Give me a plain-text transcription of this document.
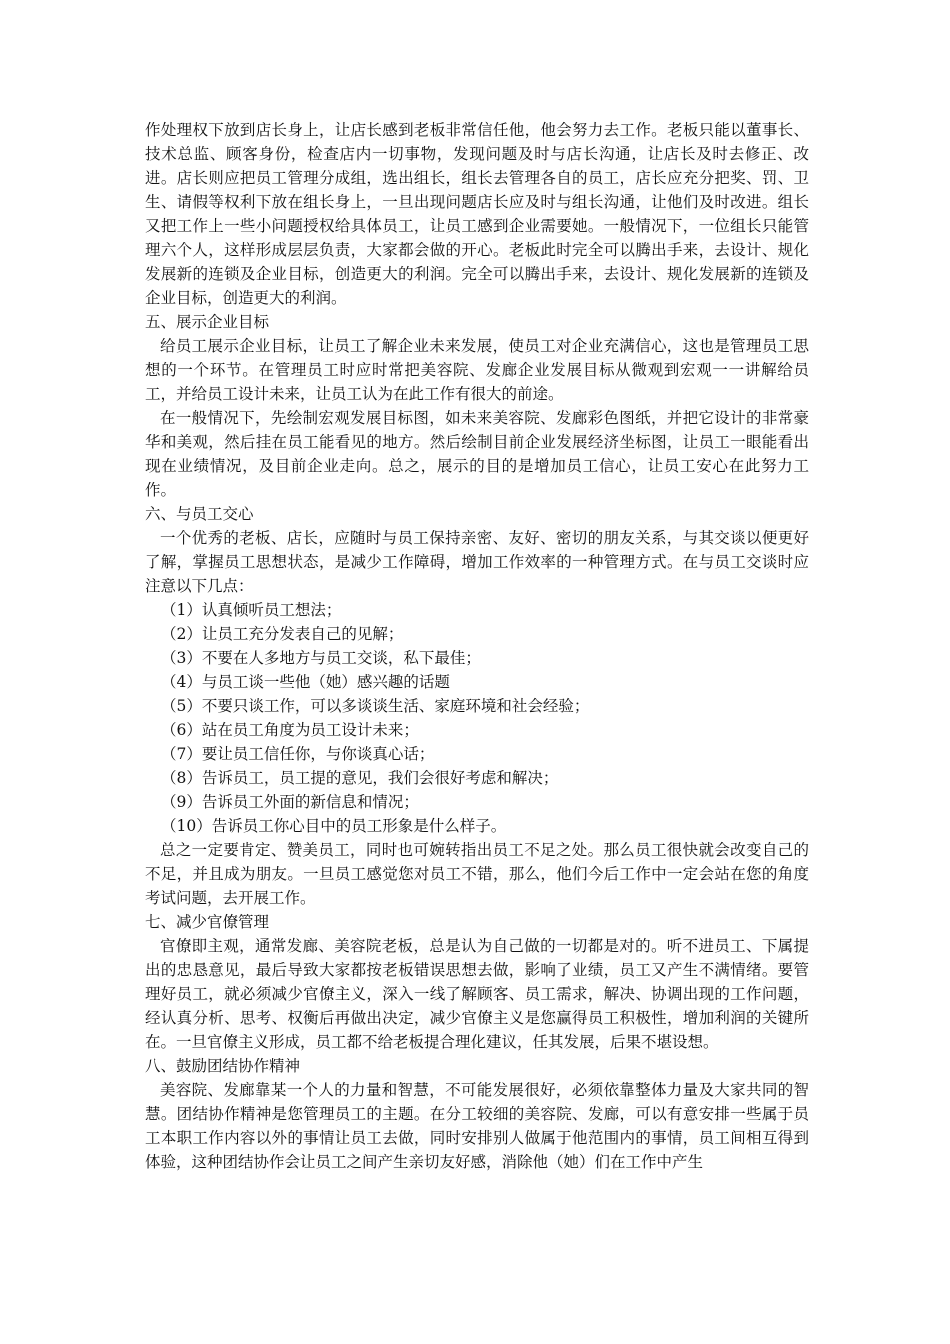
作处理权下放到店长身上，让店长感到老板非常信任他，他会努力去工作。老板只能以董事长、技术总监、顾客身份，检查店内一切事物，发现问题及时与店长沟通，让店长及时去修正、改进。店长则应把员工管理分成组，选出组长，组长去管理各自的员工，店长应充分把奖、罚、卫生、请假等权利下放在组长身上，一旦出现问题店长应及时与组长沟通，让他们及时改进。组长又把工作上一些小问题授权给具体员工，让员工感到企业需要她。一般情况下，一位组长只能管理六个人，这样形成层层负责，大家都会做的开心。老板此时完全可以腾出手来，去设计、规化发展新的连锁及企业目标，创造更大的利润。完全可以腾出手来，去设计、规化发展新的连锁及企业目标，创造更大的利润。

五、展示企业目标

给员工展示企业目标，让员工了解企业未来发展，使员工对企业充满信心，这也是管理员工思想的一个环节。在管理员工时应时常把美容院、发廊企业发展目标从微观到宏观一一讲解给员工，并给员工设计未来，让员工认为在此工作有很大的前途。

在一般情况下，先绘制宏观发展目标图，如未来美容院、发廊彩色图纸，并把它设计的非常豪华和美观，然后挂在员工能看见的地方。然后绘制目前企业发展经济坐标图，让员工一眼能看出现在业绩情况，及目前企业走向。总之，展示的目的是增加员工信心，让员工安心在此努力工作。

六、与员工交心

一个优秀的老板、店长，应随时与员工保持亲密、友好、密切的朋友关系，与其交谈以便更好了解，掌握员工思想状态，是减少工作障碍，增加工作效率的一种管理方式。在与员工交谈时应注意以下几点：

（1）认真倾听员工想法；

（2）让员工充分发表自己的见解；

（3）不要在人多地方与员工交谈，私下最佳；

（4）与员工谈一些他（她）感兴趣的话题

（5）不要只谈工作，可以多谈谈生活、家庭环境和社会经验；

（6）站在员工角度为员工设计未来；

（7）要让员工信任你，与你谈真心话；

（8）告诉员工，员工提的意见，我们会很好考虑和解决；

（9）告诉员工外面的新信息和情况；

（10）告诉员工你心目中的员工形象是什么样子。

总之一定要肯定、赞美员工，同时也可婉转指出员工不足之处。那么员工很快就会改变自己的不足，并且成为朋友。一旦员工感觉您对员工不错，那么，他们今后工作中一定会站在您的角度考试问题，去开展工作。

七、减少官僚管理

官僚即主观，通常发廊、美容院老板，总是认为自己做的一切都是对的。听不进员工、下属提出的忠恳意见，最后导致大家都按老板错误思想去做，影响了业绩，员工又产生不满情绪。要管理好员工，就必须减少官僚主义，深入一线了解顾客、员工需求，解决、协调出现的工作问题，经认真分析、思考、权衡后再做出决定，减少官僚主义是您赢得员工积极性，增加利润的关键所在。一旦官僚主义形成，员工都不给老板提合理化建议，任其发展，后果不堪设想。

八、鼓励团结协作精神

美容院、发廊靠某一个人的力量和智慧，不可能发展很好，必须依靠整体力量及大家共同的智慧。团结协作精神是您管理员工的主题。在分工较细的美容院、发廊，可以有意安排一些属于员工本职工作内容以外的事情让员工去做，同时安排别人做属于他范围内的事情，员工间相互得到体验，这种团结协作会让员工之间产生亲切友好感，消除他（她）们在工作中产生
